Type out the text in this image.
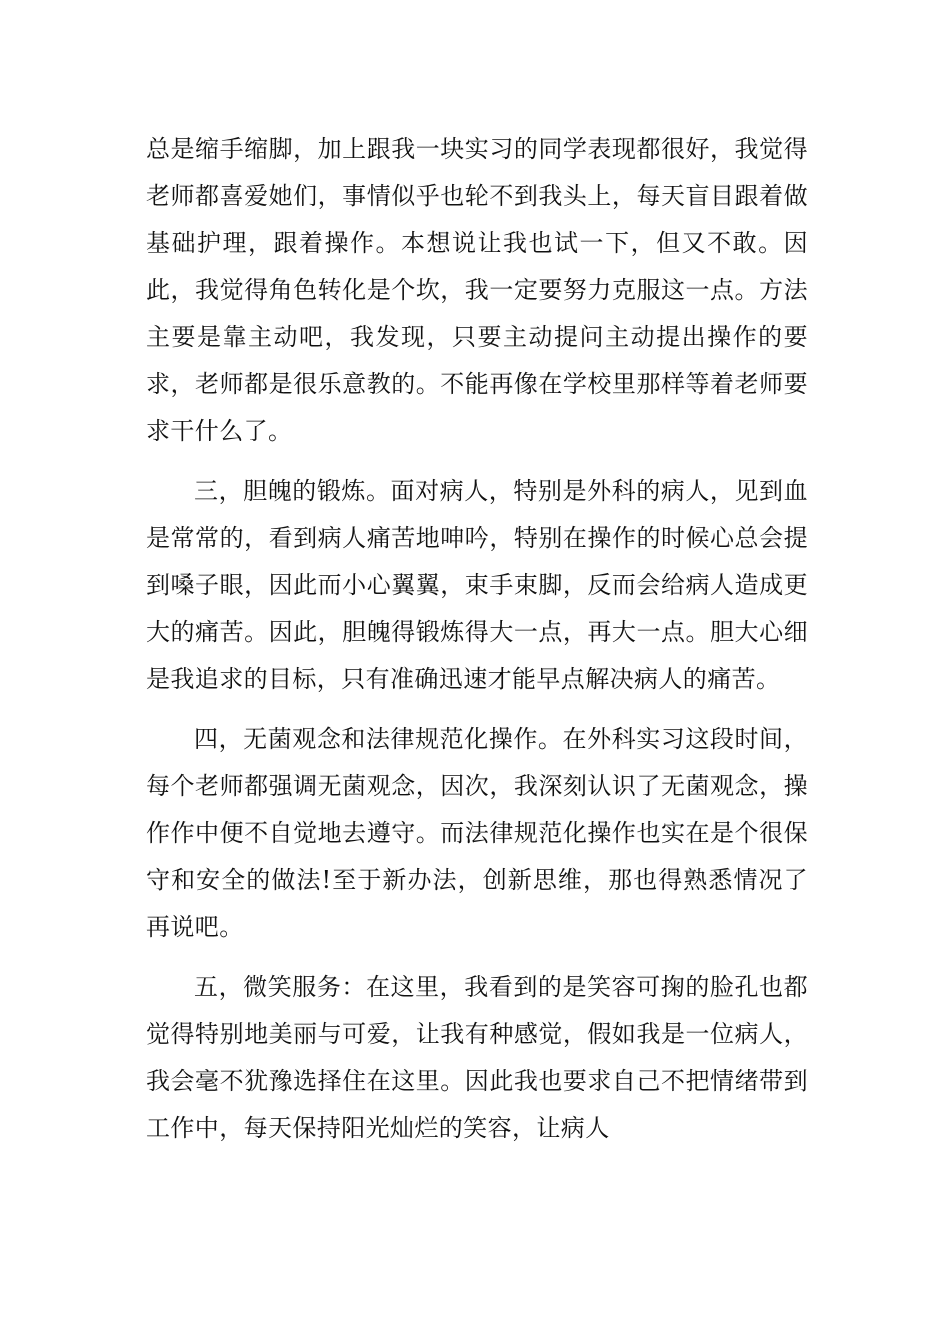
总是缩手缩脚，加上跟我一块实习的同学表现都很好，我觉得老师都喜爱她们，事情似乎也轮不到我头上，每天盲目跟着做基础护理，跟着操作。本想说让我也试一下，但又不敢。因此，我觉得角色转化是个坎，我一定要努力克服这一点。方法主要是靠主动吧，我发现，只要主动提问主动提出操作的要求，老师都是很乐意教的。不能再像在学校里那样等着老师要求干什么了。

三，胆魄的锻炼。面对病人，特别是外科的病人，见到血是常常的，看到病人痛苦地呻吟，特别在操作的时候心总会提到嗓子眼，因此而小心翼翼，束手束脚，反而会给病人造成更大的痛苦。因此，胆魄得锻炼得大一点，再大一点。胆大心细是我追求的目标，只有准确迅速才能早点解决病人的痛苦。

四，无菌观念和法律规范化操作。在外科实习这段时间，每个老师都强调无菌观念，因次，我深刻认识了无菌观念，操作作中便不自觉地去遵守。而法律规范化操作也实在是个很保守和安全的做法!至于新办法，创新思维，那也得熟悉情况了再说吧。

五，微笑服务：在这里，我看到的是笑容可掬的脸孔也都觉得特别地美丽与可爱，让我有种感觉，假如我是一位病人，我会毫不犹豫选择住在这里。因此我也要求自己不把情绪带到工作中，每天保持阳光灿烂的笑容，让病人
